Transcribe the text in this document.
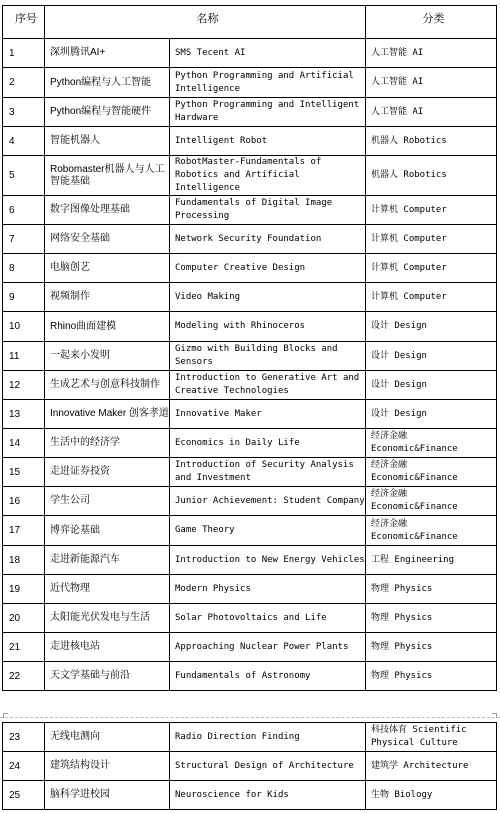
序号	名称		分类
1	深圳腾讯AI+	SMS Tecent AI	人工智能 AI
2	Python编程与人工智能	Python Programming and Artificial Intelligence	人工智能 AI
3	Python编程与智能硬件	Python Programming and Intelligent Hardware	人工智能 AI
4	智能机器人	Intelligent Robot	机器人 Robotics
5	Robomaster机器人与人工智能基础	RobotMaster-Fundamentals of Robotics and Artificial Intelligence	机器人 Robotics
6	数字图像处理基础	Fundamentals of Digital Image Processing	计算机 Computer
7	网络安全基础	Network Security Foundation	计算机 Computer
8	电脑创艺	Computer Creative Design	计算机 Computer
9	视频制作	Video Making	计算机 Computer
10	Rhino曲面建模	Modeling with Rhinoceros	设计 Design
11	一起来小发明	Gizmo with Building Blocks and Sensors	设计 Design
12	生成艺术与创意科技制作	Introduction to Generative Art and Creative Technologies	设计 Design
13	Innovative Maker 创客孝道	Innovative Maker	设计 Design
14	生活中的经济学	Economics in Daily Life	经济金融 Economic&Finance
15	走进证券投资	Introduction of Security Analysis and Investment	经济金融 Economic&Finance
16	学生公司	Junior Achievement: Student Company	经济金融 Economic&Finance
17	博弈论基础	Game Theory	经济金融 Economic&Finance
18	走进新能源汽车	Introduction to New Energy Vehicles	工程 Engineering
19	近代物理	Modern Physics	物理 Physics
20	太阳能光伏发电与生活	Solar Photovoltaics and Life	物理 Physics
21	走进核电站	Approaching Nuclear Power Plants	物理 Physics
22	天文学基础与前沿	Fundamentals of Astronomy	物理 Physics
23	无线电测向	Radio Direction Finding	科技体育 Scientific Physical Culture
24	建筑结构设计	Structural Design of Architecture	建筑学 Architecture
25	脑科学进校园	Neuroscience for Kids	生物 Biology
